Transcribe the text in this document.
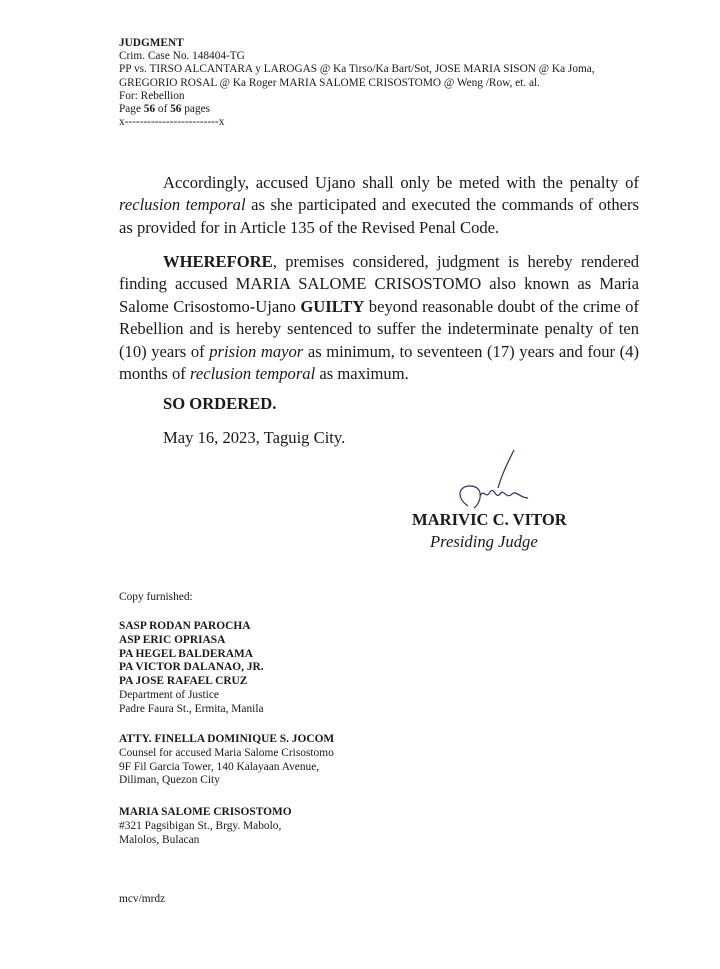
JUDGMENT
Crim. Case No. 148404-TG
PP vs. TIRSO ALCANTARA y LAROGAS @ Ka Tirso/Ka Bart/Sot, JOSE MARIA SISON @ Ka Joma,
GREGORIO ROSAL @ Ka Roger MARIA SALOME CRISOSTOMO @ Weng /Row, et. al.
For: Rebellion
Page 56 of 56 pages
x-------------------------x

Accordingly, accused Ujano shall only be meted with the penalty of reclusion temporal as she participated and executed the commands of others as provided for in Article 135 of the Revised Penal Code.

WHEREFORE, premises considered, judgment is hereby rendered finding accused MARIA SALOME CRISOSTOMO also known as Maria Salome Crisostomo-Ujano GUILTY beyond reasonable doubt of the crime of Rebellion and is hereby sentenced to suffer the indeterminate penalty of ten (10) years of prision mayor as minimum, to seventeen (17) years and four (4) months of reclusion temporal as maximum.

SO ORDERED.
May 16, 2023, Taguig City.
MARIVIC C. VITOR
Presiding Judge
Copy furnished:
SASP RODAN PAROCHA
ASP ERIC OPRIASA
PA HEGEL BALDERAMA
PA VICTOR DALANAO, JR.
PA JOSE RAFAEL CRUZ
Department of Justice
Padre Faura St., Ermita, Manila
ATTY. FINELLA DOMINIQUE S. JOCOM
Counsel for accused Maria Salome Crisostomo
9F Fil Garcia Tower, 140 Kalayaan Avenue,
Diliman, Quezon City
MARIA SALOME CRISOSTOMO
#321 Pagsibigan St., Brgy. Mabolo,
Malolos, Bulacan
mcv/mrdz
